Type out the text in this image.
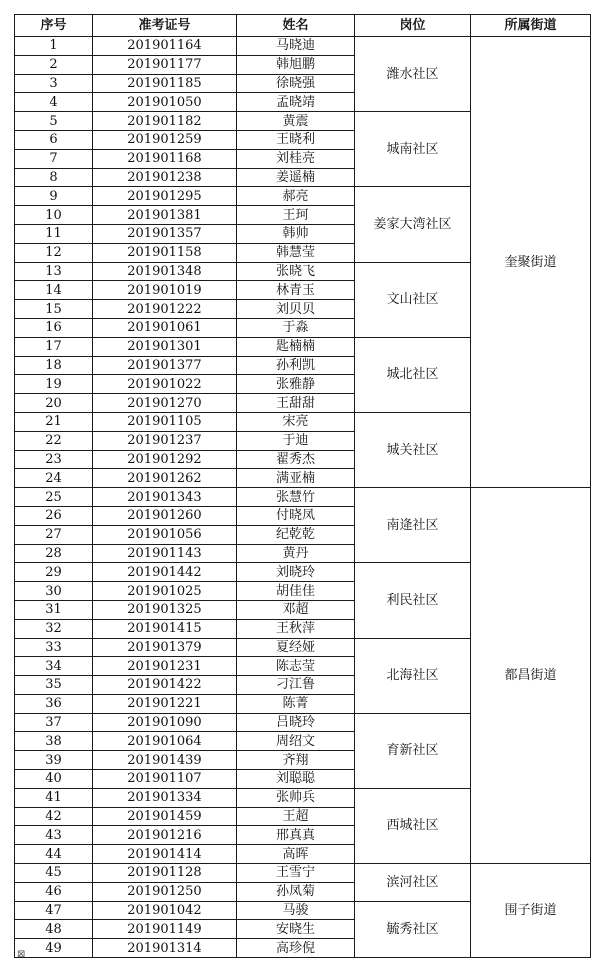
序号	准考证号	姓名	岗位	所属街道
1	201901164	马晓迪	潍水社区	奎聚街道
2	201901177	韩旭鹏		
3	201901185	徐晓强		
4	201901050	孟晓靖		
5	201901182	黄震	城南社区	
6	201901259	王晓利		
7	201901168	刘桂亮		
8	201901238	姜遥楠		
9	201901295	郝亮	姜家大湾社区	
10	201901381	王珂		
11	201901357	韩帅		
12	201901158	韩慧莹		
13	201901348	张晓飞	文山社区	
14	201901019	林青玉		
15	201901222	刘贝贝		
16	201901061	于淼		
17	201901301	匙楠楠	城北社区	
18	201901377	孙利凯		
19	201901022	张雅静		
20	201901270	王甜甜		
21	201901105	宋亮	城关社区	
22	201901237	于迪		
23	201901292	翟秀杰		
24	201901262	满亚楠		
25	201901343	张慧竹	南逄社区	都昌街道
26	201901260	付晓凤		
27	201901056	纪乾乾		
28	201901143	黄丹		
29	201901442	刘晓玲	利民社区	
30	201901025	胡佳佳		
31	201901325	邓超		
32	201901415	王秋萍		
33	201901379	夏经娅	北海社区	
34	201901231	陈志莹		
35	201901422	刁江鲁		
36	201901221	陈菁		
37	201901090	吕晓玲	育新社区	
38	201901064	周绍文		
39	201901439	齐翔		
40	201901107	刘聪聪		
41	201901334	张帅兵	西城社区	
42	201901459	王超		
43	201901216	邢真真		
44	201901414	高晖		
45	201901128	王雪宁	滨河社区	围子街道
46	201901250	孙凤菊		
47	201901042	马骏	毓秀社区	
48	201901149	安晓生		
49	201901314	高珍倪		
⊠
